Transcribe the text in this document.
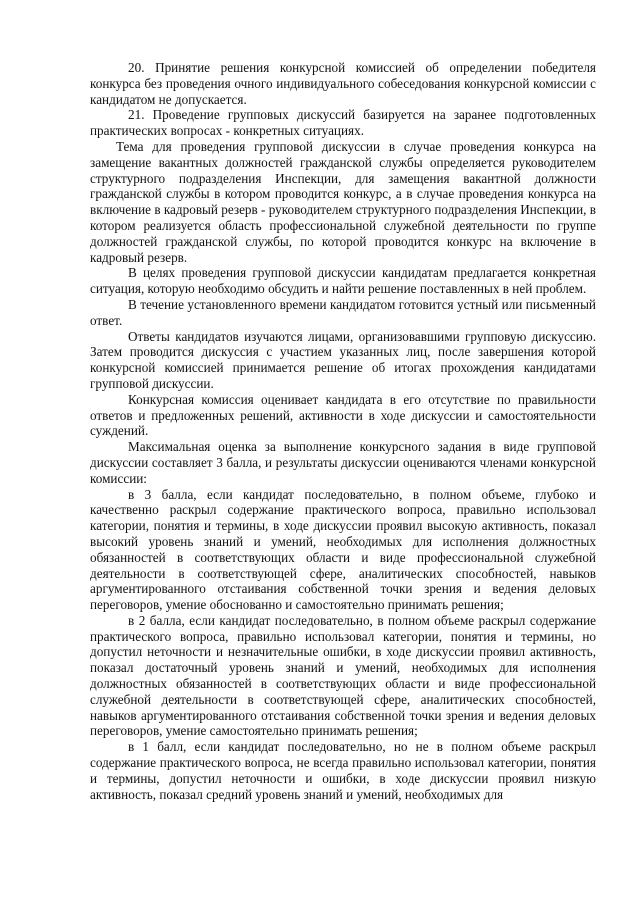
20. Принятие решения конкурсной комиссией об определении победителя конкурса без проведения очного индивидуального собеседования конкурсной комиссии с кандидатом не допускается.

21. Проведение групповых дискуссий базируется на заранее подготовленных практических вопросах - конкретных ситуациях.

Тема для проведения групповой дискуссии в случае проведения конкурса на замещение вакантных должностей гражданской службы определяется руководителем структурного подразделения Инспекции, для замещения вакантной должности гражданской службы в котором проводится конкурс, а в случае проведения конкурса на включение в кадровый резерв - руководителем структурного подразделения Инспекции, в котором реализуется область профессиональной служебной деятельности по группе должностей гражданской службы, по которой проводится конкурс на включение в кадровый резерв.

В целях проведения групповой дискуссии кандидатам предлагается конкретная ситуация, которую необходимо обсудить и найти решение поставленных в ней проблем.

В течение установленного времени кандидатом готовится устный или письменный ответ.

Ответы кандидатов изучаются лицами, организовавшими групповую дискуссию. Затем проводится дискуссия с участием указанных лиц, после завершения которой конкурсной комиссией принимается решение об итогах прохождения кандидатами групповой дискуссии.

Конкурсная комиссия оценивает кандидата в его отсутствие по правильности ответов и предложенных решений, активности в ходе дискуссии и самостоятельности суждений.

Максимальная оценка за выполнение конкурсного задания в виде групповой дискуссии составляет 3 балла, и результаты дискуссии оцениваются членами конкурсной комиссии:

в 3 балла, если кандидат последовательно, в полном объеме, глубоко и качественно раскрыл содержание практического вопроса, правильно использовал категории, понятия и термины, в ходе дискуссии проявил высокую активность, показал высокий уровень знаний и умений, необходимых для исполнения должностных обязанностей в соответствующих области и виде профессиональной служебной деятельности в соответствующей сфере, аналитических способностей, навыков аргументированного отстаивания собственной точки зрения и ведения деловых переговоров, умение обоснованно и самостоятельно принимать решения;

в 2 балла, если кандидат последовательно, в полном объеме раскрыл содержание практического вопроса, правильно использовал категории, понятия и термины, но допустил неточности и незначительные ошибки, в ходе дискуссии проявил активность, показал достаточный уровень знаний и умений, необходимых для исполнения должностных обязанностей в соответствующих области и виде профессиональной служебной деятельности в соответствующей сфере, аналитических способностей, навыков аргументированного отстаивания собственной точки зрения и ведения деловых переговоров, умение самостоятельно принимать решения;

в 1 балл, если кандидат последовательно, но не в полном объеме раскрыл содержание практического вопроса, не всегда правильно использовал категории, понятия и термины, допустил неточности и ошибки, в ходе дискуссии проявил низкую активность, показал средний уровень знаний и умений, необходимых для
